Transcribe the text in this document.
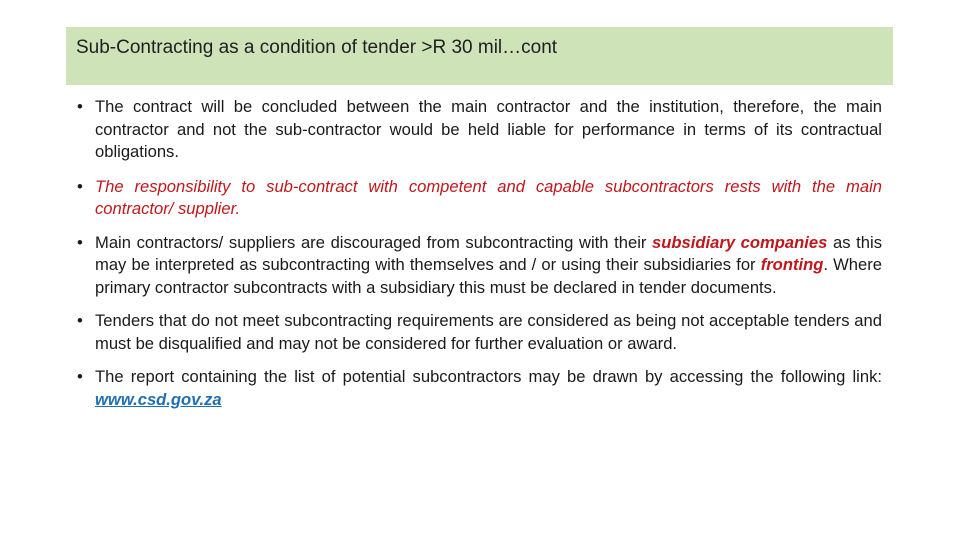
Sub-Contracting as a condition of tender >R 30 mil…cont
• The contract will be concluded between the main contractor and the institution, therefore, the main contractor and not the sub-contractor would be held liable for performance in terms of its contractual obligations.
• The responsibility to sub-contract with competent and capable subcontractors rests with the main contractor/ supplier.
• Main contractors/ suppliers are discouraged from subcontracting with their subsidiary companies as this may be interpreted as subcontracting with themselves and / or using their subsidiaries for fronting. Where primary contractor subcontracts with a subsidiary this must be declared in tender documents.
• Tenders that do not meet subcontracting requirements are considered as being not acceptable tenders and must be disqualified and may not be considered for further evaluation or award.
• The report containing the list of potential subcontractors may be drawn by accessing the following link: www.csd.gov.za
